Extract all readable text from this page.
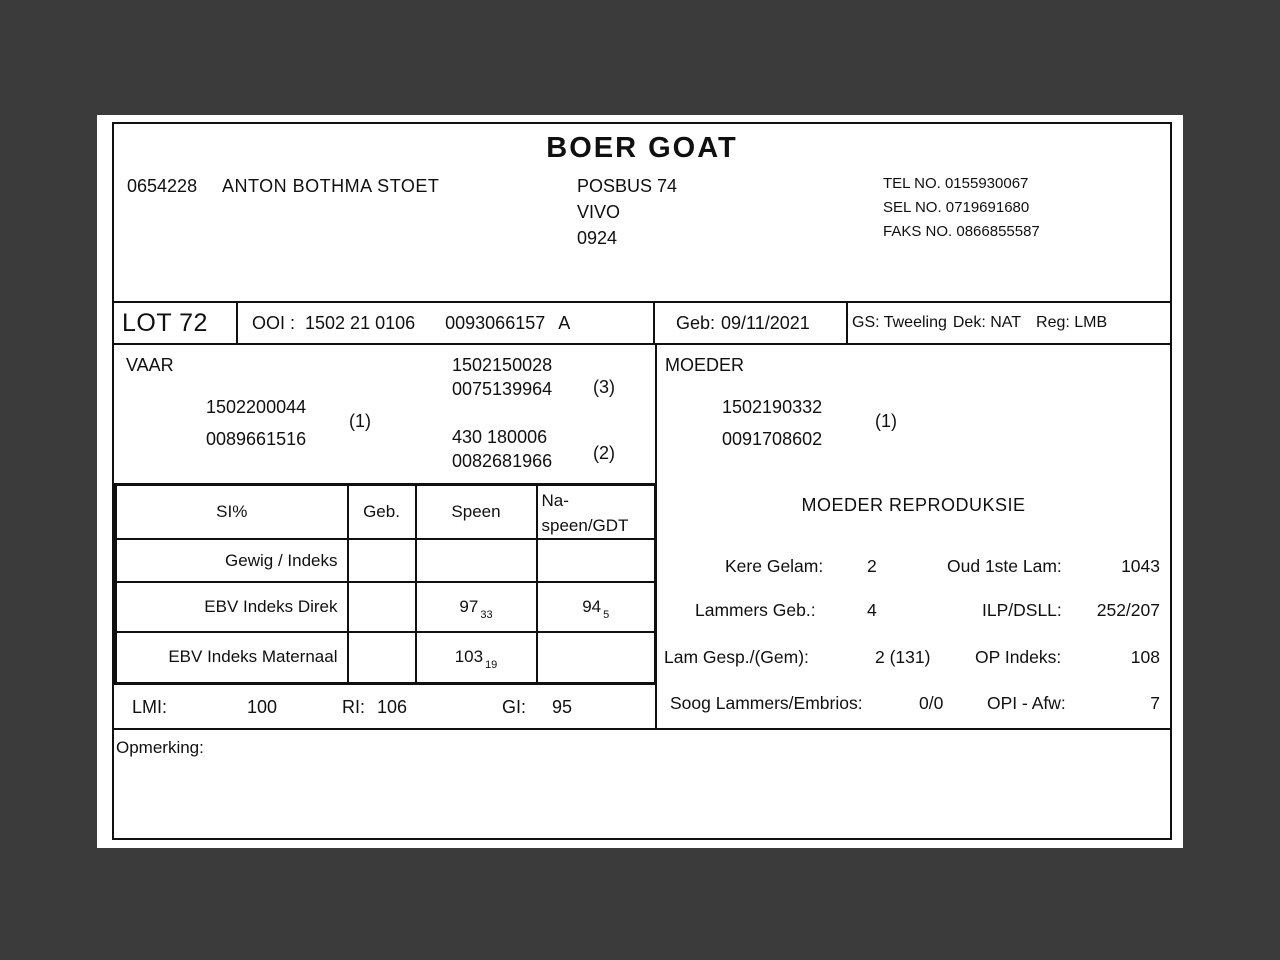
BOER GOAT
0654228 ANTON BOTHMA STOET	POSBUS 74
VIVO
0924
TEL NO. 0155930067
SEL NO. 0719691680
FAKS NO. 0866855587
LOT 72	OOI : 1502 21 0106 0093066157 A	Geb: 09/11/2021	GS: Tweeling Dek: NAT Reg: LMB
VAAR	1502150028
0075139964 (3)
1502200044
0089661516
(1)
430 180006
0082681966 (2)
MOEDER
1502190332
0091708602
(1)
SI%	Geb.	Speen	Na-
speen/GDT

Gewig / Indeks			
EBV Indeks Direk		97 $_{33}$	94 $_5$
EBV Indeks Maternaal		103 $_{19}$	
LMI:	100	RI: 106	GI: 95
MOEDER REPRODUKSIE
Kere Gelam:	2	Oud 1ste Lam:	1043
Lammers Geb.:	4	ILP/DSLL: 252/207
Lam Gesp./(Gem):	2 (131)	OP Indeks:	108
Soog Lammers/Embrios:	0/0 OPI - Afw:	7
Opmerking:
